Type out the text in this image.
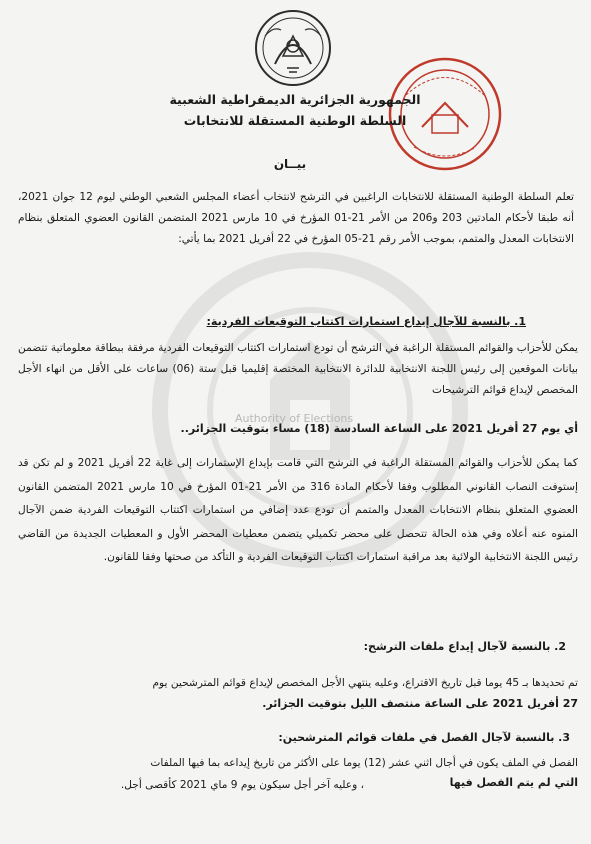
Authority of Elections
الجمهورية الجزائرية الديمقراطية الشعبية
السلطة الوطنية المستقلة للانتخابات
بيــان
تعلم السلطة الوطنية المستقلة للانتخابات الراغبين في الترشح لانتخاب أعضاء المجلس الشعبي الوطني ليوم 12 جوان 2021، أنه طبقا لأحكام المادتين 203 و206 من الأمر 21-01 المؤرخ في 10 مارس 2021 المتضمن القانون العضوي المتعلق بنظام الانتخابات المعدل والمتمم، بموجب الأمر رقم 21-05 المؤرخ في 22 أفريل 2021 بما يأتي:
1. بالنسبة للآجال إيداع استمارات اكتتاب التوقيعات الفردية:
يمكن للأحزاب والقوائم المستقلة الراغبة في الترشح أن تودع استمارات اكتتاب التوقيعات الفردية مرفقة ببطاقة معلوماتية تتضمن بيانات الموقعين إلى رئيس اللجنة الانتخابية للدائرة الانتخابية المختصة إقليميا قبل ستة (06) ساعات على الأقل من انهاء الأجل المخصص لإيداع قوائم الترشيحات
أي يوم 27 أفريل 2021 على الساعة السادسة (18) مساء بتوقيت الجزائر..
كما يمكن للأحزاب والقوائم المستقلة الراغبة في الترشح التي قامت بإيداع الإستمارات إلى غاية 22 أفريل 2021 و لم تكن قد إستوفت النصاب القانوني المطلوب وفقا لأحكام المادة 316 من الأمر 21-01 المؤرخ في 10 مارس 2021 المتضمن القانون العضوي المتعلق بنظام الانتخابات المعدل والمتمم أن تودع عدد إضافي من استمارات اكتتاب التوقيعات الفردية ضمن الآجال المنوه عنه أعلاه وفي هذه الحالة تتحصل على محضر تكميلي يتضمن معطيات المحضر الأول و المعطيات الجديدة من القاضي رئيس اللجنة الانتخابية الولائية بعد مراقبة استمارات اكتتاب التوقيعات الفردية و التأكد من صحتها وفقا للقانون.
2. بالنسبة لآجال إيداع ملفات الترشح:
تم تحديدها بـ 45 يوما قبل تاريخ الاقتراع، وعليه ينتهي الأجل المخصص لإيداع قوائم المترشحين يوم
27 أفريل 2021 على الساعة منتصف الليل بتوقيت الجزائر.
3. بالنسبة لآجال الفصل في ملفات قوائم المترشحين:
الفصل في الملف يكون في أجال اثني عشر (12) يوما على الأكثر من تاريخ إيداعه بما فيها الملفات
، وعليه آخر أجل سيكون يوم 9 ماي 2021 كأقصى أجل.	التي لم يتم الفصل فيها
